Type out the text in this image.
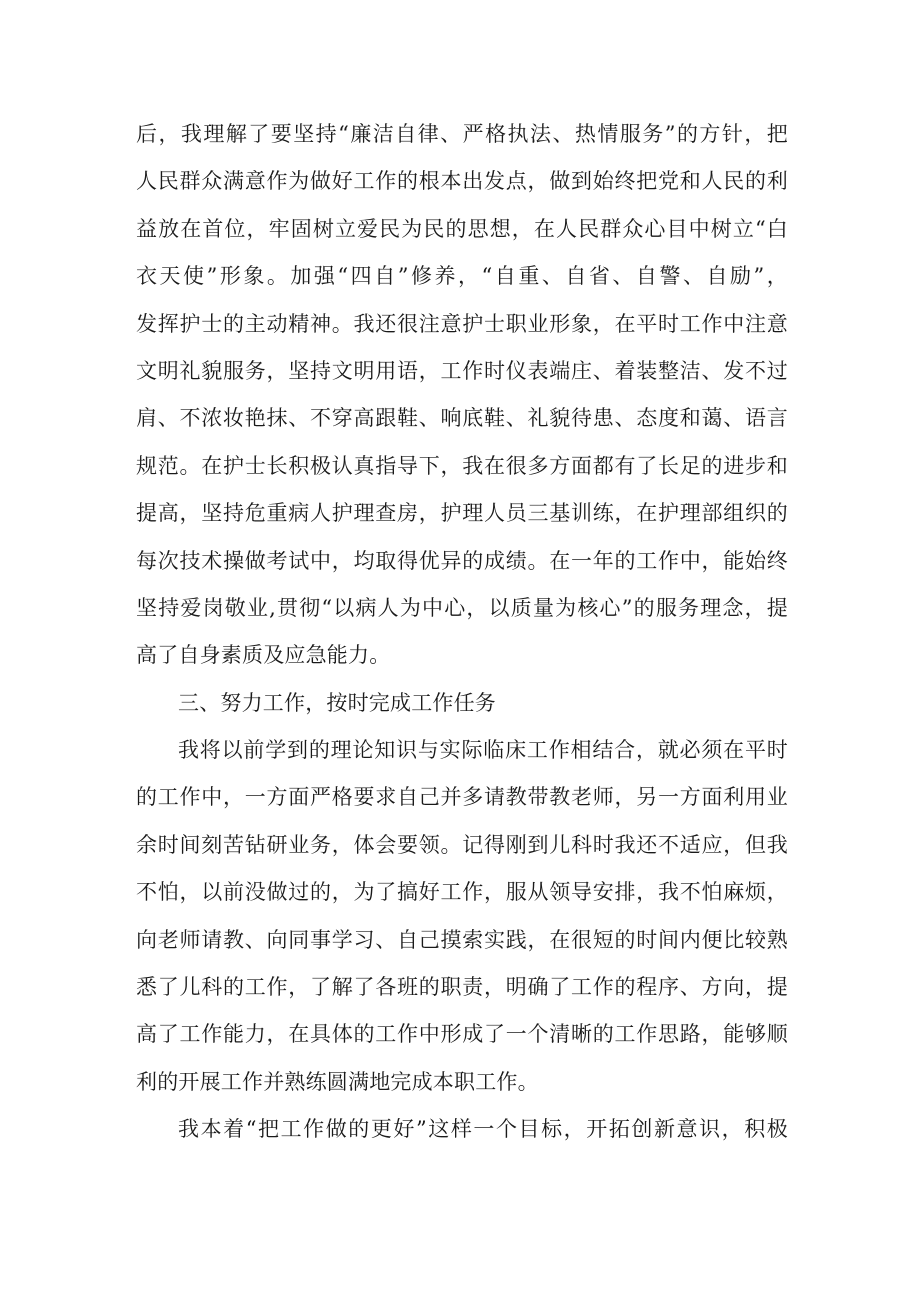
后，我理解了要坚持“廉洁自律、严格执法、热情服务”的方针，把
人民群众满意作为做好工作的根本出发点，做到始终把党和人民的利
益放在首位，牢固树立爱民为民的思想，在人民群众心目中树立“白
衣天使”形象。加强“四自”修养，“自重、自省、自警、自励”，
发挥护士的主动精神。我还很注意护士职业形象，在平时工作中注意
文明礼貌服务，坚持文明用语，工作时仪表端庄、着装整洁、发不过
肩、不浓妆艳抹、不穿高跟鞋、响底鞋、礼貌待患、态度和蔼、语言
规范。在护士长积极认真指导下，我在很多方面都有了长足的进步和
提高，坚持危重病人护理查房，护理人员三基训练，在护理部组织的
每次技术操做考试中，均取得优异的成绩。在一年的工作中，能始终
坚持爱岗敬业,贯彻“以病人为中心，以质量为核心”的服务理念，提
高了自身素质及应急能力。
三、努力工作，按时完成工作任务
我将以前学到的理论知识与实际临床工作相结合，就必须在平时
的工作中，一方面严格要求自己并多请教带教老师，另一方面利用业
余时间刻苦钻研业务，体会要领。记得刚到儿科时我还不适应，但我
不怕，以前没做过的，为了搞好工作，服从领导安排，我不怕麻烦，
向老师请教、向同事学习、自己摸索实践，在很短的时间内便比较熟
悉了儿科的工作，了解了各班的职责，明确了工作的程序、方向，提
高了工作能力，在具体的工作中形成了一个清晰的工作思路，能够顺
利的开展工作并熟练圆满地完成本职工作。
我本着“把工作做的更好”这样一个目标，开拓创新意识，积极
